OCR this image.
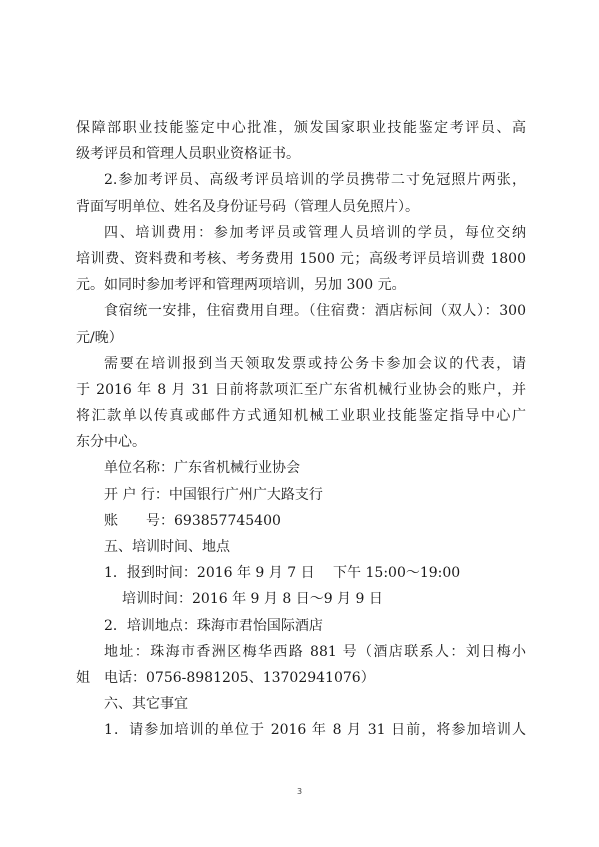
保障部职业技能鉴定中心批准，颁发国家职业技能鉴定考评员、高
级考评员和管理人员职业资格证书。
2.参加考评员、高级考评员培训的学员携带二寸免冠照片两张，
背面写明单位、姓名及身份证号码（管理人员免照片）。
四、培训费用：参加考评员或管理人员培训的学员，每位交纳
培训费、资料费和考核、考务费用 1500 元；高级考评员培训费 1800
元。如同时参加考评和管理两项培训，另加 300 元。
食宿统一安排，住宿费用自理。（住宿费：酒店标间（双人）：300
元/晚）
需要在培训报到当天领取发票或持公务卡参加会议的代表，请
于 2016 年 8 月 31 日前将款项汇至广东省机械行业协会的账户，并
将汇款单以传真或邮件方式通知机械工业职业技能鉴定指导中心广
东分中心。
单位名称：广东省机械行业协会
开 户 行：中国银行广州广大路支行
账　　号：693857745400
五、培训时间、地点
1．报到时间：2016 年 9 月 7 日　 下午 15:00～19:00
培训时间：2016 年 9 月 8 日～9 月 9 日
2．培训地点：珠海市君怡国际酒店
地址：珠海市香洲区梅华西路 881 号（酒店联系人：刘日梅小
姐　电话：0756-8981205、13702941076）
六、其它事宜
1．请参加培训的单位于 2016 年 8 月 31 日前，将参加培训人
3
